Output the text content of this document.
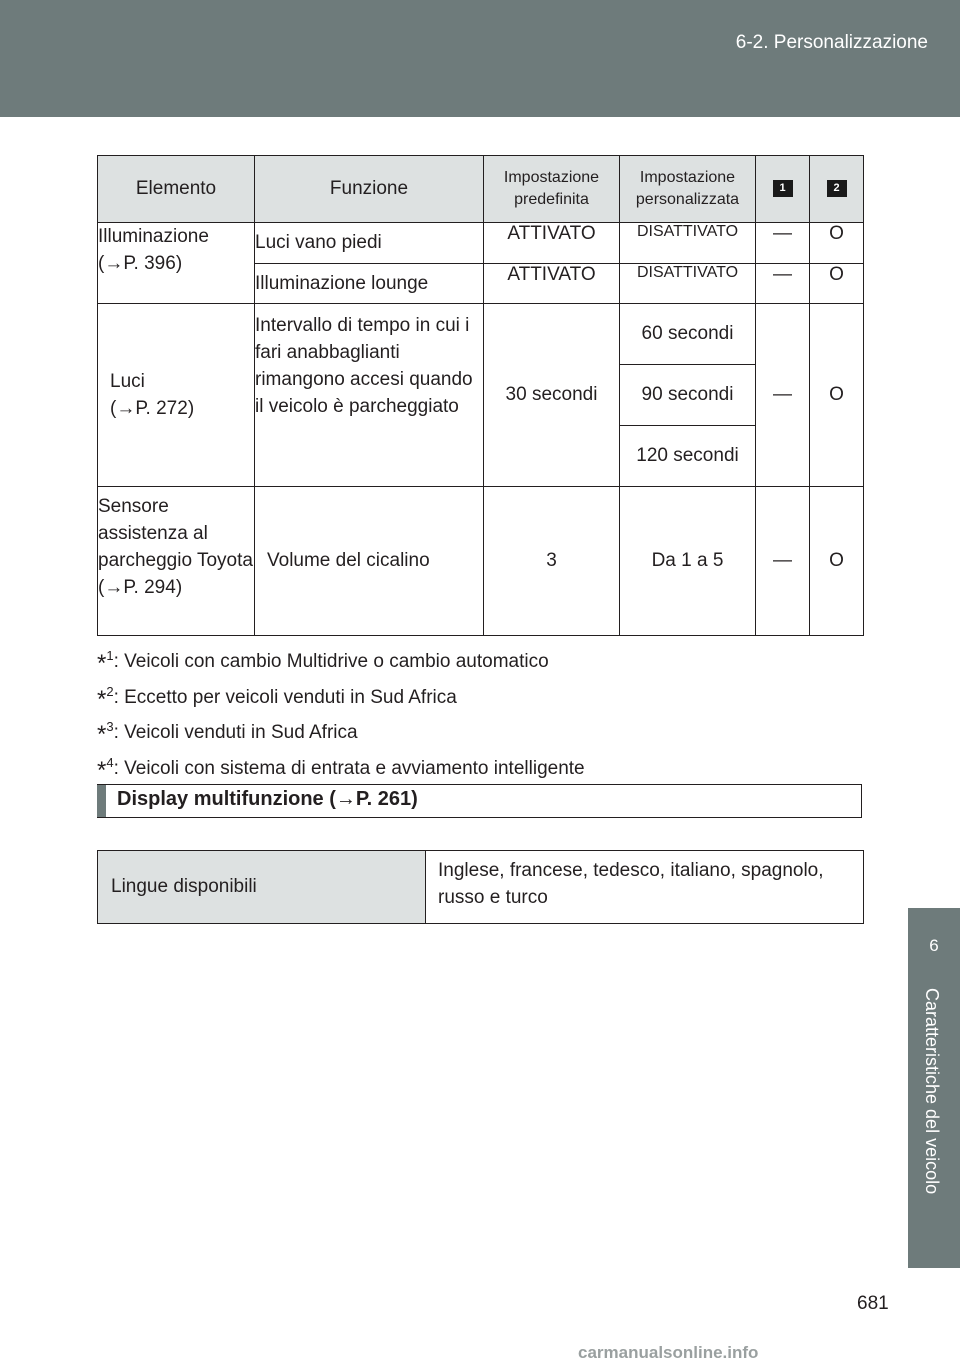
6-2. Personalizzazione
6
Caratteristiche del veicolo
Elemento	Funzione	Impostazione predefinita	Impostazione personalizzata	1	2
Illuminazione
(→P. 396)	Luci vano piedi	ATTIVATO	DISATTIVATO	—	O
	Illuminazione lounge	ATTIVATO	DISATTIVATO	—	O
Luci
(→P. 272)	Intervallo di tempo in cui i fari anabbaglianti rimangono accesi quando il veicolo è parcheggiato	30 secondi	60 secondi	—	O
			90 secondi		
			120 secondi		
Sensore assistenza al parcheggio Toyota
(→P. 294)	Volume del cicalino	3	Da 1 a 5	—	O
*$^1$: Veicoli con cambio Multidrive o cambio automatico
*$^2$: Eccetto per veicoli venduti in Sud Africa
*$^3$: Veicoli venduti in Sud Africa
*$^4$: Veicoli con sistema di entrata e avviamento intelligente
Display multifunzione (→P. 261)
Lingue disponibili	Inglese, francese, tedesco, italiano, spagnolo, russo e turco
681
carmanualsonline.info
